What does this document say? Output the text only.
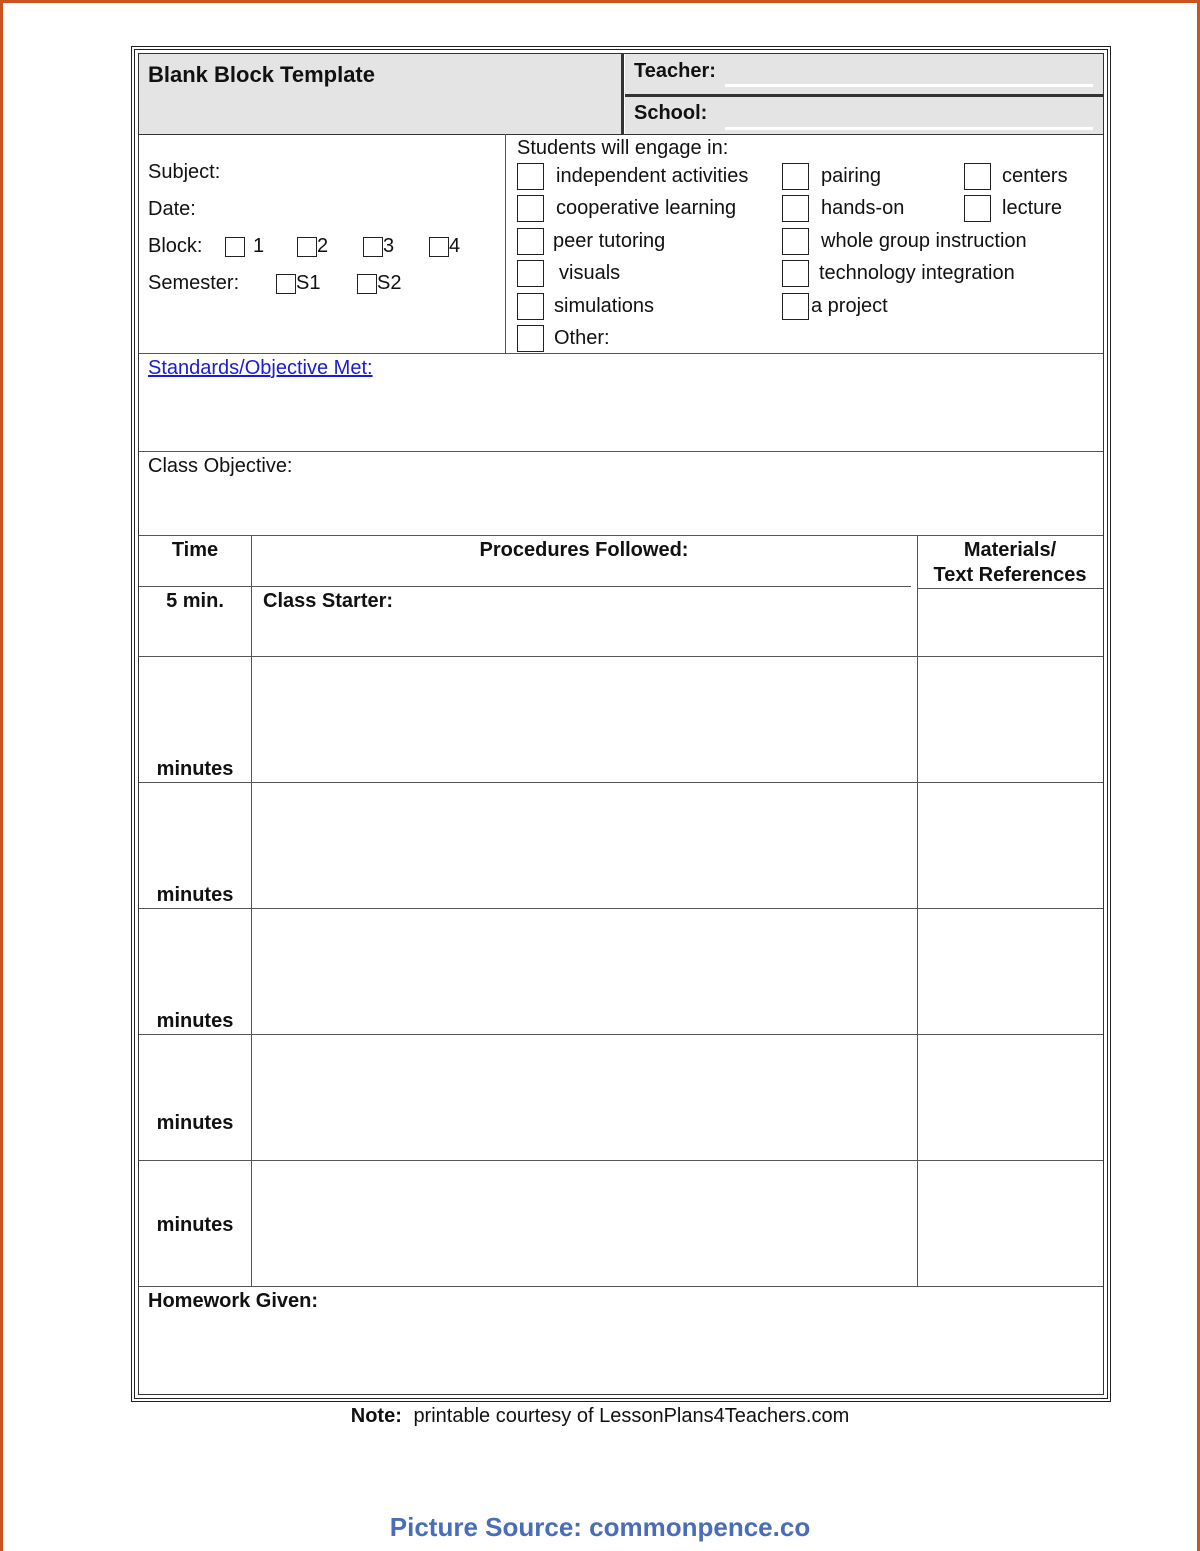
Blank Block Template	Teacher:
School:
Subject:
Date:
Block:	1	2	3	4
Semester:	S1	S2
Students will engage in:
independent activities
cooperative learning
peer tutoring
visuals
simulations
Other:
pairing
hands-on
whole group instruction
technology integration
a project
centers
lecture
Standards/Objective Met:
Class Objective:
Time	Procedures Followed:	Materials/
Text References
5 min.	Class Starter:
minutes
minutes
minutes
minutes
minutes
Homework Given:
Note: printable courtesy of LessonPlans4Teachers.com
Picture Source: commonpence.co
